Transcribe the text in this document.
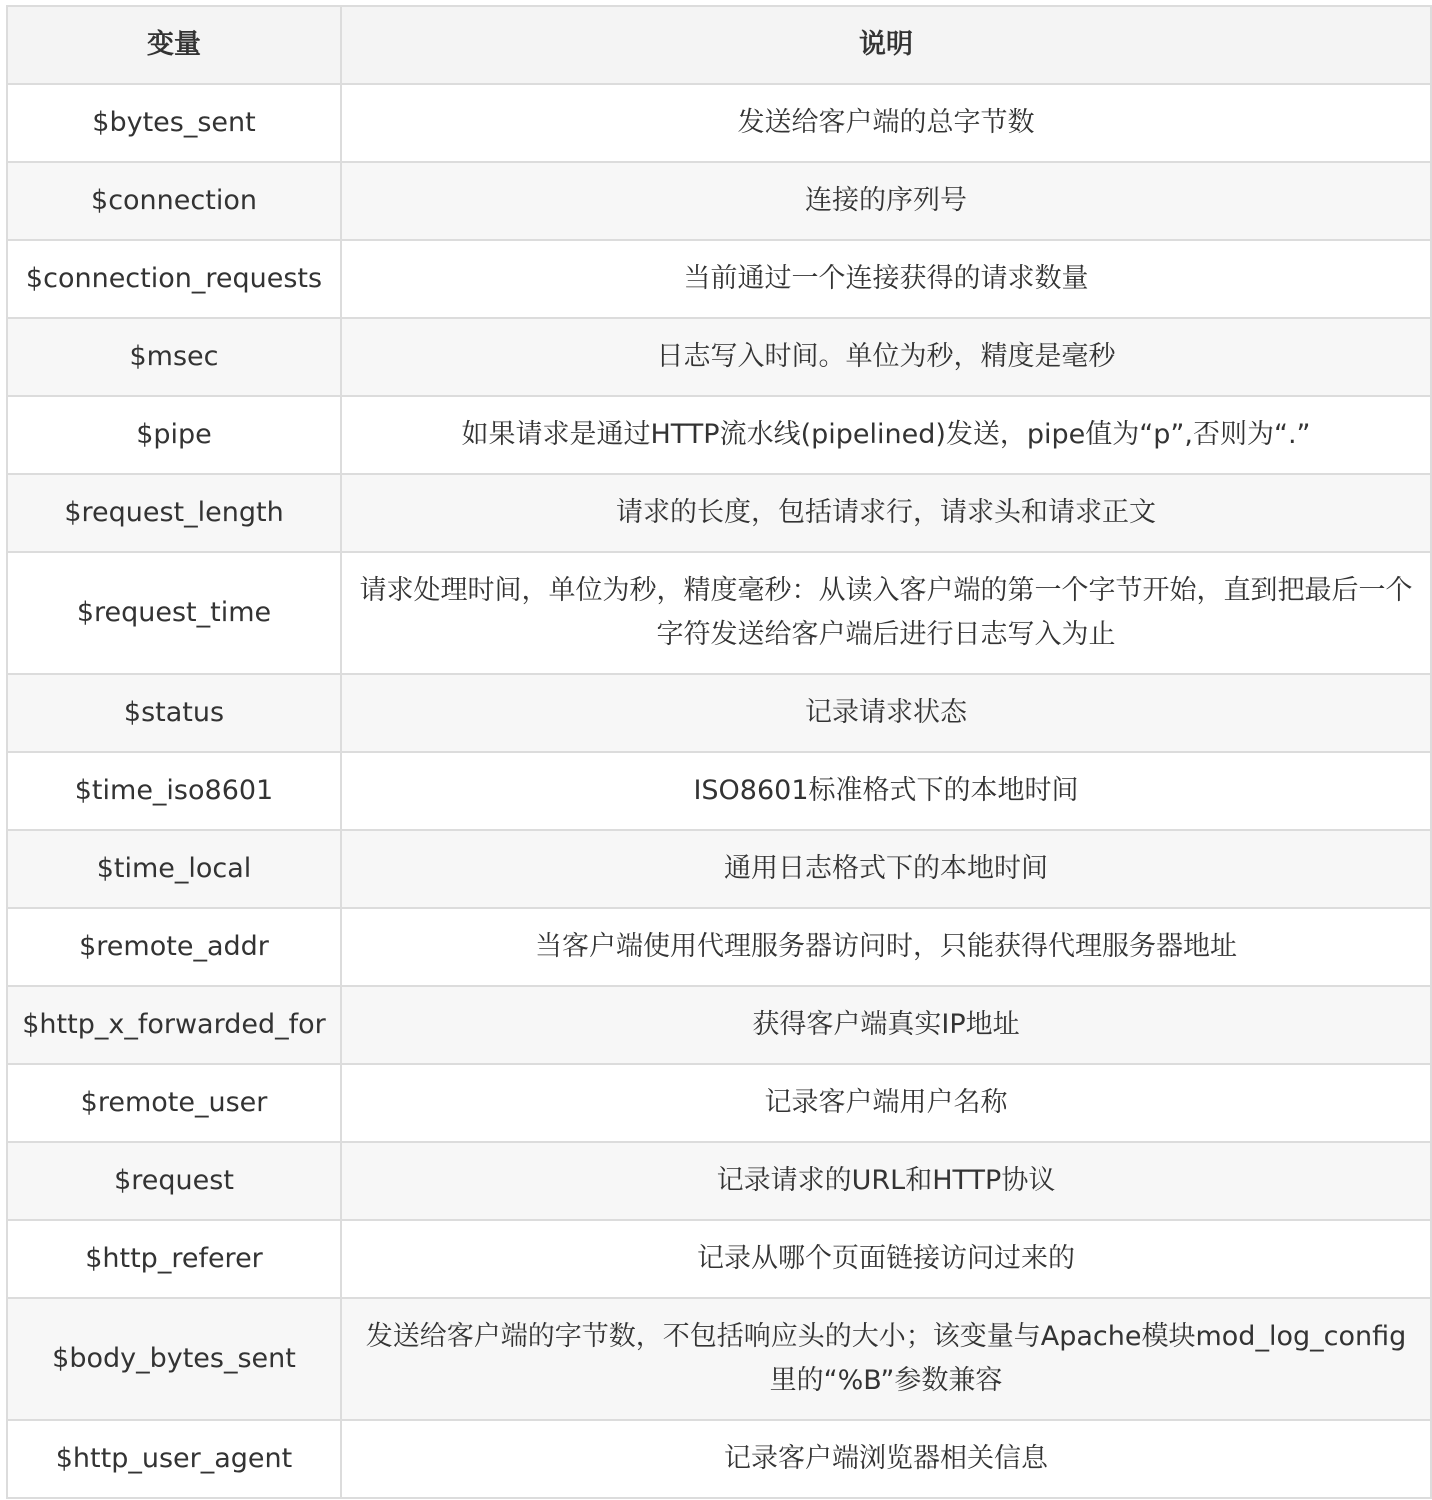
变量	说明
$bytes_sent	发送给客户端的总字节数
$connection	连接的序列号
$connection_requests	当前通过一个连接获得的请求数量
$msec	日志写入时间。单位为秒，精度是毫秒
$pipe	如果请求是通过HTTP流水线(pipelined)发送，pipe值为“p”,否则为“.”
$request_length	请求的长度，包括请求行，请求头和请求正文
$request_time	请求处理时间，单位为秒，精度毫秒：从读入客户端的第一个字节开始，直到把最后一个字符发送给客户端后进行日志写入为止
$status	记录请求状态
$time_iso8601	ISO8601标准格式下的本地时间
$time_local	通用日志格式下的本地时间
$remote_addr	当客户端使用代理服务器访问时，只能获得代理服务器地址
$http_x_forwarded_for	获得客户端真实IP地址
$remote_user	记录客户端用户名称
$request	记录请求的URL和HTTP协议
$http_referer	记录从哪个页面链接访问过来的
$body_bytes_sent	发送给客户端的字节数，不包括响应头的大小；该变量与Apache模块mod_log_config里的“%B”参数兼容
$http_user_agent	记录客户端浏览器相关信息
